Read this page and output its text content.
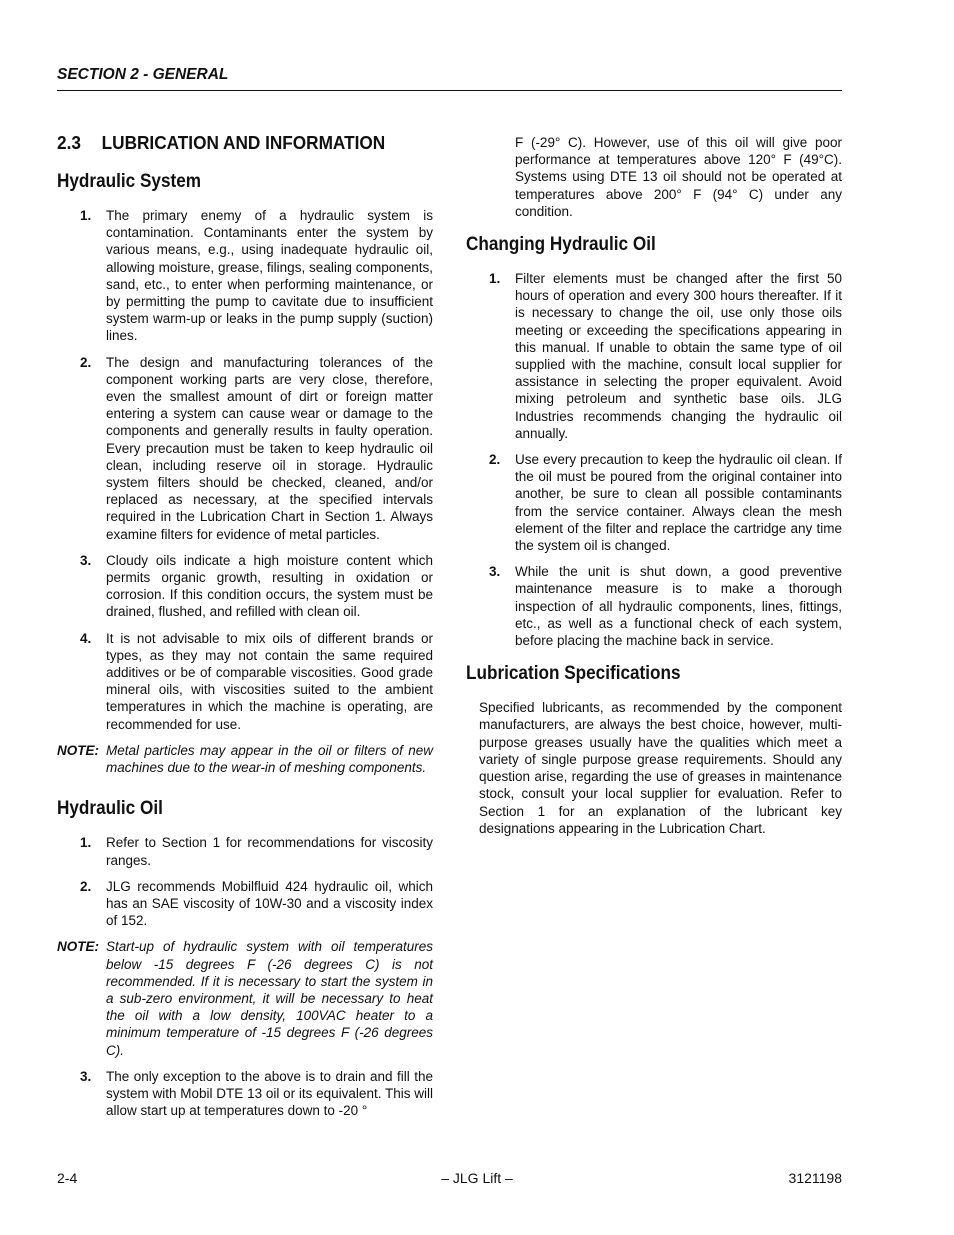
SECTION 2 - GENERAL
2.3 LUBRICATION AND INFORMATION
Hydraulic System
1. The primary enemy of a hydraulic system is contamination. Contaminants enter the system by various means, e.g., using inadequate hydraulic oil, allowing moisture, grease, filings, sealing components, sand, etc., to enter when performing maintenance, or by permitting the pump to cavitate due to insufficient system warm-up or leaks in the pump supply (suction) lines.
2. The design and manufacturing tolerances of the component working parts are very close, therefore, even the smallest amount of dirt or foreign matter entering a system can cause wear or damage to the components and generally results in faulty operation. Every precaution must be taken to keep hydraulic oil clean, including reserve oil in storage. Hydraulic system filters should be checked, cleaned, and/or replaced as necessary, at the specified intervals required in the Lubrication Chart in Section 1. Always examine filters for evidence of metal particles.
3. Cloudy oils indicate a high moisture content which permits organic growth, resulting in oxidation or corrosion. If this condition occurs, the system must be drained, flushed, and refilled with clean oil.
4. It is not advisable to mix oils of different brands or types, as they may not contain the same required additives or be of comparable viscosities. Good grade mineral oils, with viscosities suited to the ambient temperatures in which the machine is operating, are recommended for use.
NOTE: Metal particles may appear in the oil or filters of new machines due to the wear-in of meshing components.
Hydraulic Oil
1. Refer to Section 1 for recommendations for viscosity ranges.
2. JLG recommends Mobilfluid 424 hydraulic oil, which has an SAE viscosity of 10W-30 and a viscosity index of 152.
NOTE: Start-up of hydraulic system with oil temperatures below -15 degrees F (-26 degrees C) is not recommended. If it is necessary to start the system in a sub-zero environment, it will be necessary to heat the oil with a low density, 100VAC heater to a minimum temperature of -15 degrees F (-26 degrees C).
3. The only exception to the above is to drain and fill the system with Mobil DTE 13 oil or its equivalent. This will allow start up at temperatures down to -20 °
F (-29° C). However, use of this oil will give poor performance at temperatures above 120° F (49°C). Systems using DTE 13 oil should not be operated at temperatures above 200° F (94° C) under any condition.
Changing Hydraulic Oil
1. Filter elements must be changed after the first 50 hours of operation and every 300 hours thereafter. If it is necessary to change the oil, use only those oils meeting or exceeding the specifications appearing in this manual. If unable to obtain the same type of oil supplied with the machine, consult local supplier for assistance in selecting the proper equivalent. Avoid mixing petroleum and synthetic base oils. JLG Industries recommends changing the hydraulic oil annually.
2. Use every precaution to keep the hydraulic oil clean. If the oil must be poured from the original container into another, be sure to clean all possible contaminants from the service container. Always clean the mesh element of the filter and replace the cartridge any time the system oil is changed.
3. While the unit is shut down, a good preventive maintenance measure is to make a thorough inspection of all hydraulic components, lines, fittings, etc., as well as a functional check of each system, before placing the machine back in service.
Lubrication Specifications
Specified lubricants, as recommended by the component manufacturers, are always the best choice, however, multi-purpose greases usually have the qualities which meet a variety of single purpose grease requirements. Should any question arise, regarding the use of greases in maintenance stock, consult your local supplier for evaluation. Refer to Section 1 for an explanation of the lubricant key designations appearing in the Lubrication Chart.
2-4	– JLG Lift –	3121198
